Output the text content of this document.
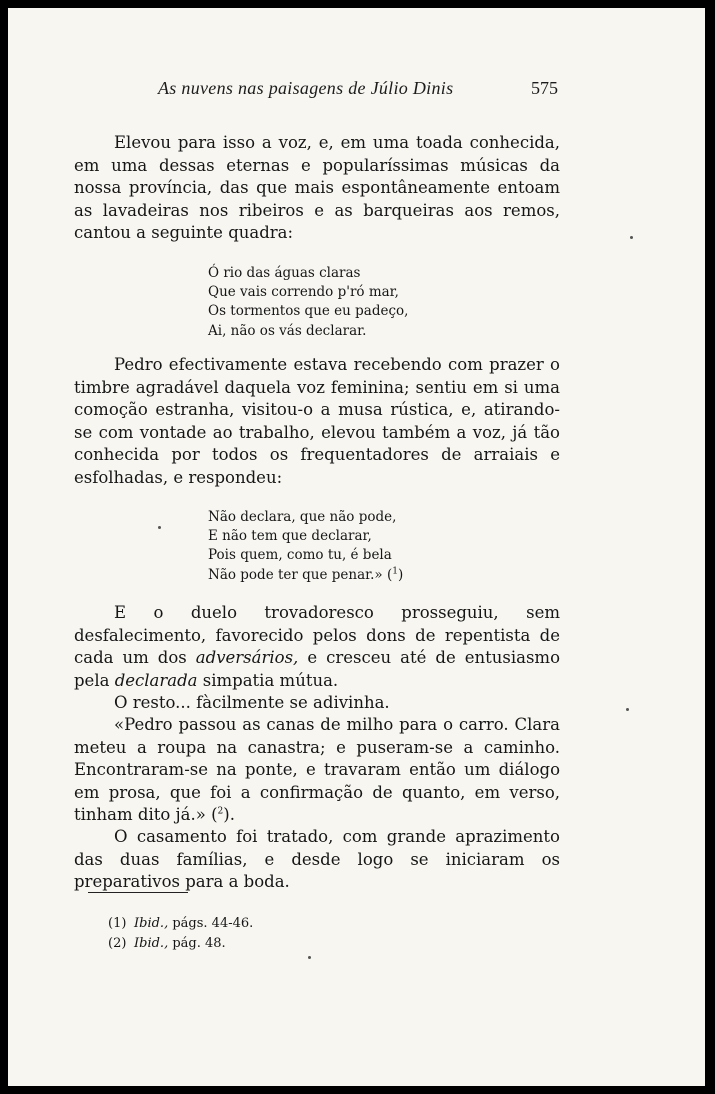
As nuvens nas paisagens de Júlio Dinis	575

Elevou para isso a voz, e, em uma toada conhecida, em uma dessas eternas e popularíssimas músicas da nossa província, das que mais espontâneamente entoam as lavadeiras nos ribeiros e as barqueiras aos remos, cantou a seguinte quadra:

Ó rio das águas claras
Que vais correndo p'ró mar,
Os tormentos que eu padeço,
Ai, não os vás declarar.

Pedro efectivamente estava recebendo com prazer o timbre agradável daquela voz feminina; sentiu em si uma comoção estranha, visitou-o a musa rústica, e, atirando-se com vontade ao trabalho, elevou também a voz, já tão conhecida por todos os frequentadores de arraiais e esfolhadas, e respondeu:

Não declara, que não pode,
E não tem que declarar,
Pois quem, como tu, é bela
Não pode ter que penar.» ($^1$)

E o duelo trovadoresco prosseguiu, sem desfalecimento, favorecido pelos dons de repentista de cada um dos adversários, e cresceu até de entusiasmo pela declarada simpatia mútua.

O resto... fàcilmente se adivinha.

«Pedro passou as canas de milho para o carro. Clara meteu a roupa na canastra; e puseram-se a caminho. Encontraram-se na ponte, e travaram então um diálogo em prosa, que foi a confirmação de quanto, em verso, tinham dito já.» ($^2$).

O casamento foi tratado, com grande aprazimento das duas famílias, e desde logo se iniciaram os preparativos para a boda.

(1) Ibid., págs. 44-46.
(2) Ibid., pág. 48.
